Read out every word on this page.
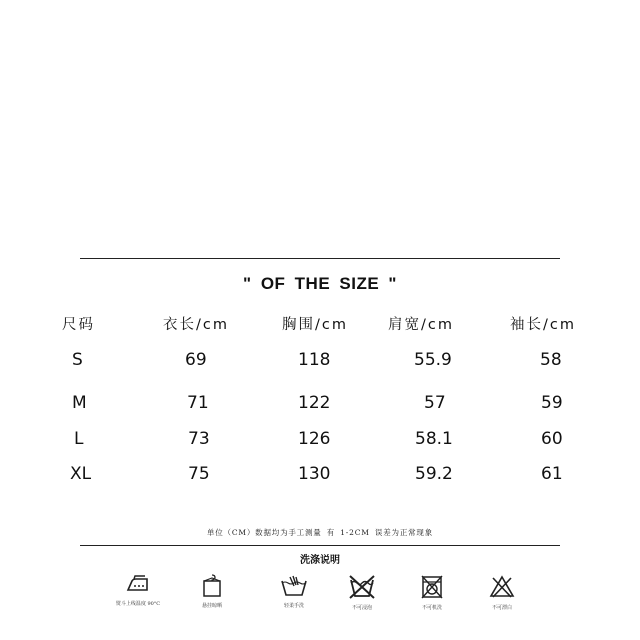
" OF THE SIZE "
尺码	衣长/cm	胸围/cm	肩宽/cm	袖长/cm
S	69	118	55.9	58
M	71	122	57	59
L	73	126	58.1	60
XL	75	130	59.2	61
单位（CM）数据均为手工测量 有 1-2CM 误差为正常现象
洗涤说明
熨斗上线温度 90°C	悬挂晾晒	轻柔手洗	不可浸泡	不可机洗	不可漂白
